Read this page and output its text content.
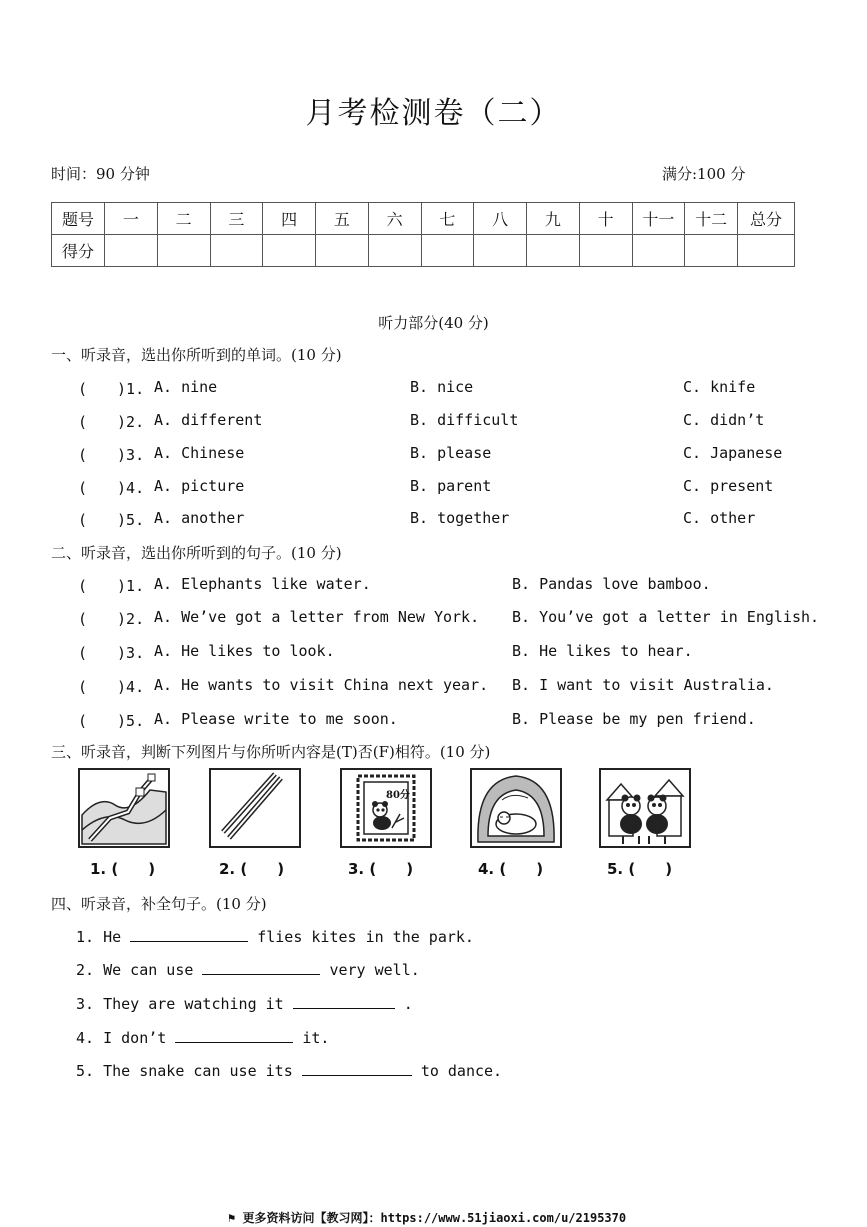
月考检测卷（二）
时间：90 分钟	满分:100 分
题号	一	二	三	四	五	六	七	八	九	十	十一	十二	总分
得分													
听力部分(40 分)
一、听录音，选出你所听到的单词。(10 分)
(　　)1. A. nine	B. nice	C. knife
(　　)2. A. different	B. difficult	C. didn’t
(　　)3. A. Chinese	B. please	C. Japanese
(　　)4. A. picture	B. parent	C. present
(　　)5. A. another	B. together	C. other
二、听录音，选出你所听到的句子。(10 分)
(　　)1. A. Elephants like water.	B. Pandas love bamboo.
(　　)2. A. We’ve got a letter from New York. B. You’ve got a letter in English.
(　　)3. A. He likes to look.	B. He likes to hear.
(　　)4. A. He wants to visit China next year. B. I want to visit Australia.
(　　)5. A. Please write to me soon.	B. Please be my pen friend.
三、听录音，判断下列图片与你所听内容是(T)否(F)相符。(10 分)
80分
1. (　　)	2. (　　)	3. (　　)	4. (　　)	5. (　　)
四、听录音，补全句子。(10 分)
1. He	flies kites in the park.
2. We can use	very well.
3. They are watching it	.
4. I don’t	it.
5. The snake can use its	to dance.
⚑ 更多资料访问【教习网】：https://www.51jiaoxi.com/u/2195370
